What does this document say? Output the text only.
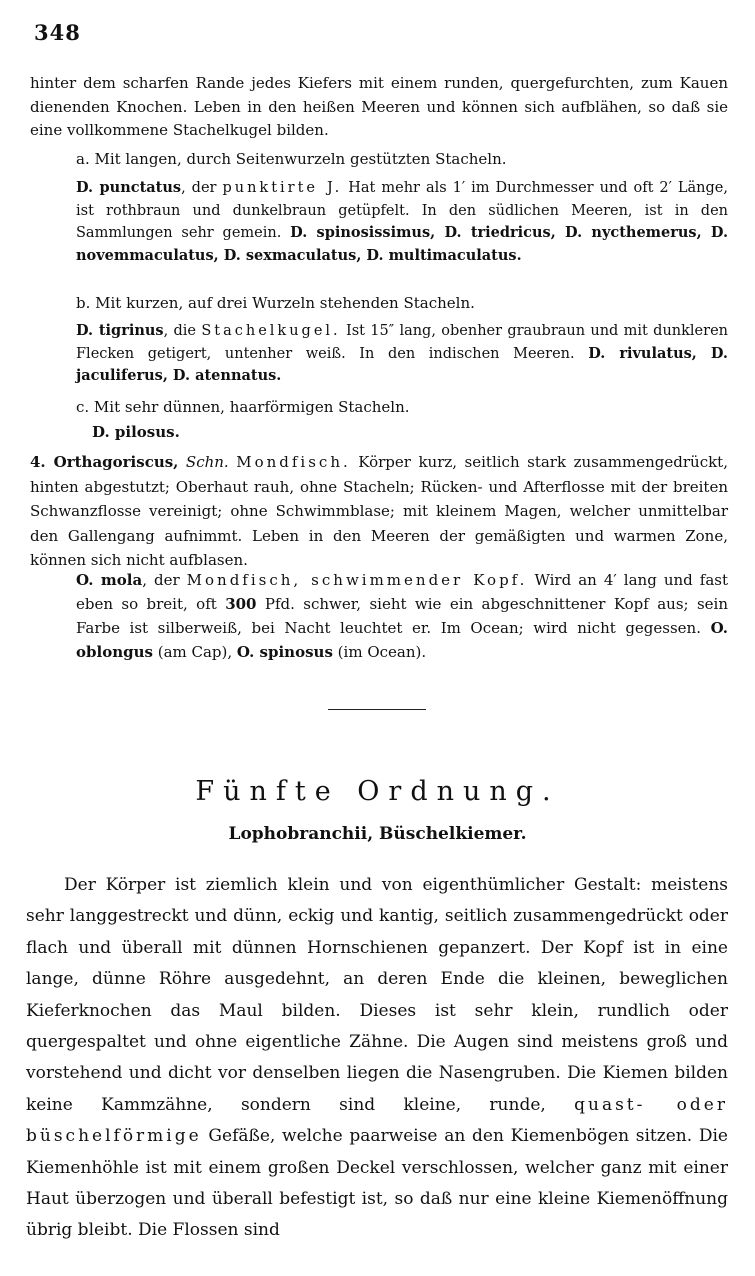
348

hinter dem scharfen Rande jedes Kiefers mit einem runden, quergefurchten, zum Kauen dienenden Knochen. Leben in den heißen Meeren und können sich aufblähen, so daß sie eine vollkommene Stachelkugel bilden.

a. Mit langen, durch Seitenwurzeln gestützten Stacheln.

D. punctatus, der punktirte J. Hat mehr als 1′ im Durchmesser und oft 2′ Länge, ist rothbraun und dunkelbraun getüpfelt. In den südlichen Meeren, ist in den Sammlungen sehr gemein. D. spinosissimus, D. triedricus, D. nycthemerus, D. novemmaculatus, D. sexmaculatus, D. multimaculatus.

b. Mit kurzen, auf drei Wurzeln stehenden Stacheln.

D. tigrinus, die Stachelkugel. Ist 15″ lang, obenher graubraun und mit dunkleren Flecken getigert, untenher weiß. In den indischen Meeren. D. rivulatus, D. jaculiferus, D. atennatus.

c. Mit sehr dünnen, haarförmigen Stacheln.

D. pilosus.

4. Orthagoriscus, Schn. Mondfisch. Körper kurz, seitlich stark zusammengedrückt, hinten abgestutzt; Oberhaut rauh, ohne Stacheln; Rücken- und Afterflosse mit der breiten Schwanzflosse vereinigt; ohne Schwimmblase; mit kleinem Magen, welcher unmittelbar den Gallengang aufnimmt. Leben in den Meeren der gemäßigten und warmen Zone, können sich nicht aufblasen.

O. mola, der Mondfisch, schwimmender Kopf. Wird an 4′ lang und fast eben so breit, oft 300 Pfd. schwer, sieht wie ein abgeschnittener Kopf aus; sein Farbe ist silberweiß, bei Nacht leuchtet er. Im Ocean; wird nicht gegessen. O. oblongus (am Cap), O. spinosus (im Ocean).

Fünfte Ordnung.
Lophobranchii, Büschelkiemer.

Der Körper ist ziemlich klein und von eigenthümlicher Gestalt: meistens sehr langgestreckt und dünn, eckig und kantig, seitlich zusammengedrückt oder flach und überall mit dünnen Hornschienen gepanzert. Der Kopf ist in eine lange, dünne Röhre ausgedehnt, an deren Ende die kleinen, beweglichen Kieferknochen das Maul bilden. Dieses ist sehr klein, rundlich oder quergespaltet und ohne eigentliche Zähne. Die Augen sind meistens groß und vorstehend und dicht vor denselben liegen die Nasengruben. Die Kiemen bilden keine Kammzähne, sondern sind kleine, runde, quast- oder büschelförmige Gefäße, welche paarweise an den Kiemenbögen sitzen. Die Kiemenhöhle ist mit einem großen Deckel verschlossen, welcher ganz mit einer Haut überzogen und überall befestigt ist, so daß nur eine kleine Kiemenöffnung übrig bleibt. Die Flossen sind
